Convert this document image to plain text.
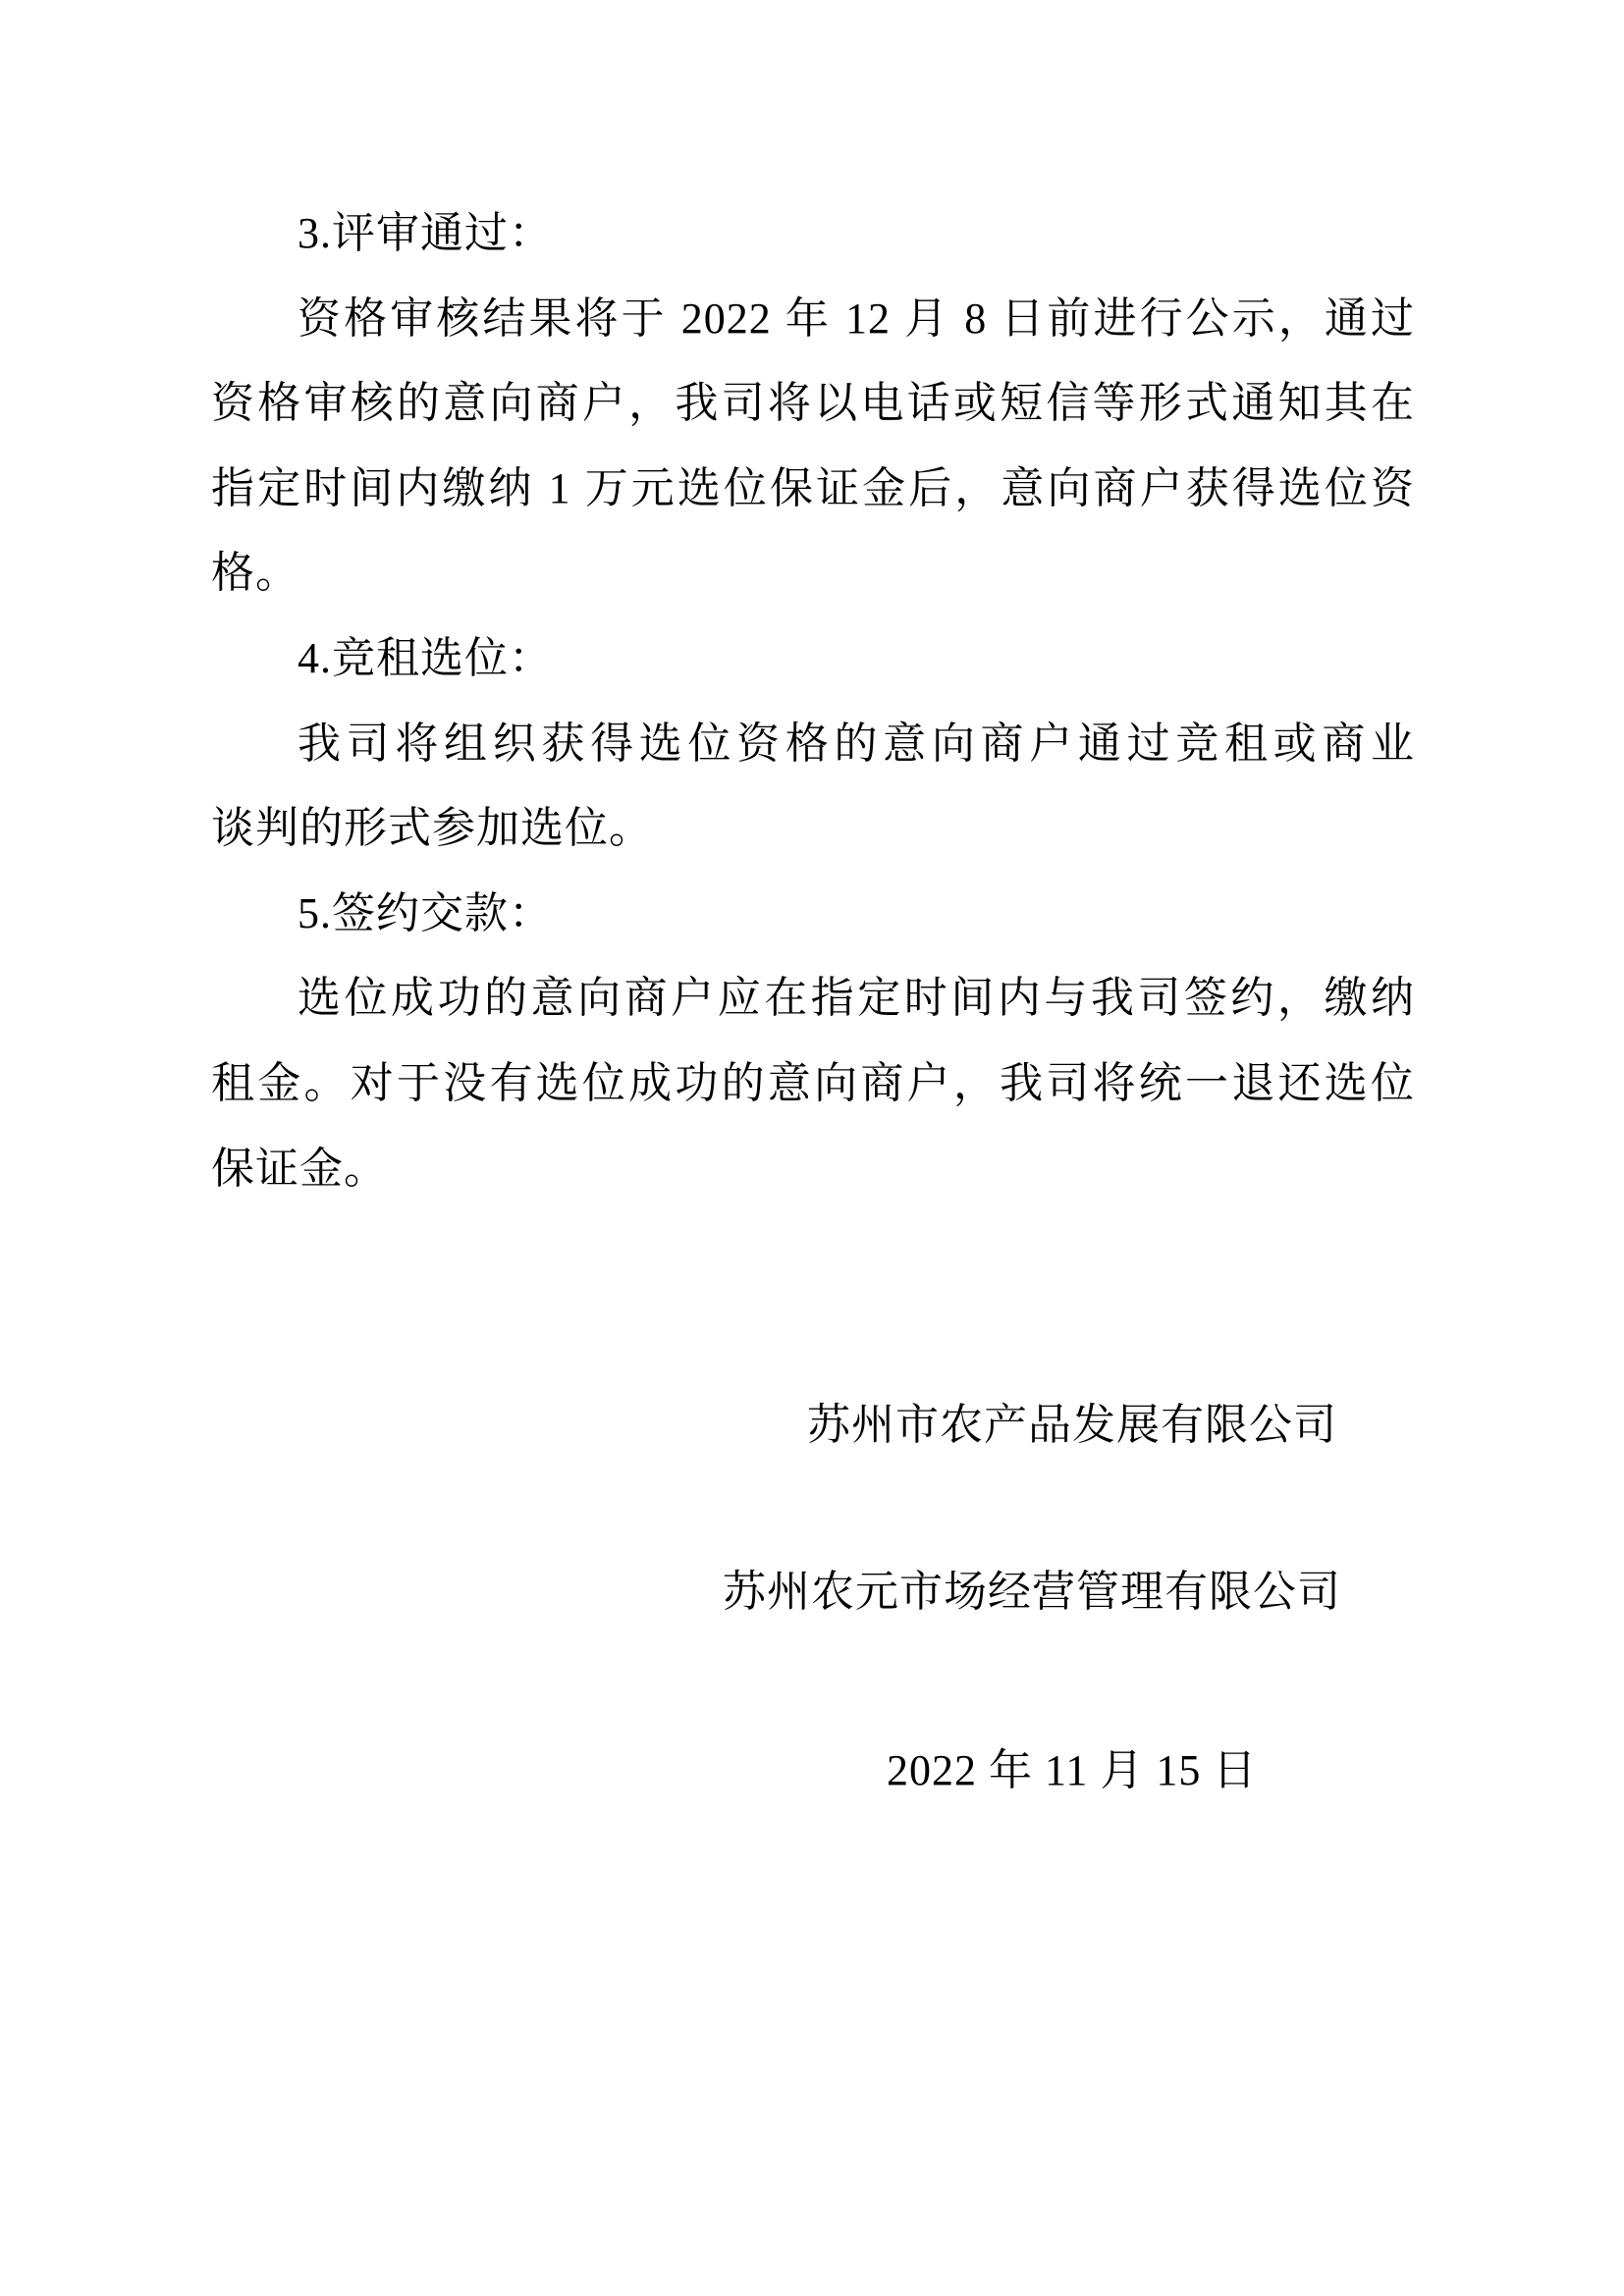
3.评审通过：
资格审核结果将于 2022 年 12 月 8 日前进行公示，通过
资格审核的意向商户，我司将以电话或短信等形式通知其在
指定时间内缴纳 1 万元选位保证金后，意向商户获得选位资
格。
4.竞租选位：
我司将组织获得选位资格的意向商户通过竞租或商业
谈判的形式参加选位。
5.签约交款：
选位成功的意向商户应在指定时间内与我司签约，缴纳
租金。对于没有选位成功的意向商户，我司将统一退还选位
保证金。
苏州市农产品发展有限公司
苏州农元市场经营管理有限公司
2022 年 11 月 15 日
